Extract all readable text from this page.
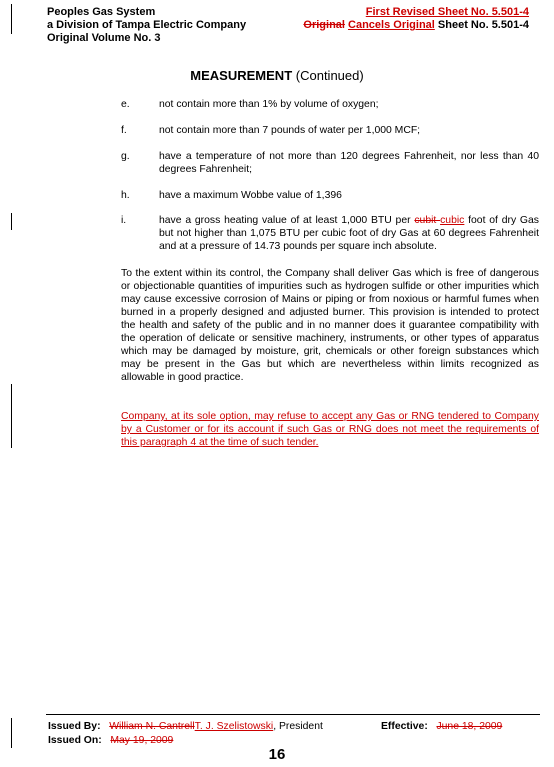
Peoples Gas System
a Division of Tampa Electric Company
Original Volume No. 3
First Revised Sheet No. 5.501-4
Original Cancels Original Sheet No. 5.501-4
MEASUREMENT (Continued)
e.	not contain more than 1% by volume of oxygen;
f.	not contain more than 7 pounds of water per 1,000 MCF;
g.	have a temperature of not more than 120 degrees Fahrenheit, nor less than 40 degrees Fahrenheit;
h.	have a maximum Wobbe value of 1,396
i.	have a gross heating value of at least 1,000 BTU per cubit cubic foot of dry Gas but not higher than 1,075 BTU per cubic foot of dry Gas at 60 degrees Fahrenheit and at a pressure of 14.73 pounds per square inch absolute.
To the extent within its control, the Company shall deliver Gas which is free of dangerous or objectionable quantities of impurities such as hydrogen sulfide or other impurities which may cause excessive corrosion of Mains or piping or from noxious or harmful fumes when burned in a properly designed and adjusted burner. This provision is intended to protect the health and safety of the public and in no manner does it guarantee compatibility with the operation of delicate or sensitive machinery, instruments, or other types of apparatus which may be damaged by moisture, grit, chemicals or other foreign substances which may be present in the Gas but which are nevertheless within limits recognized as allowable in good practice.
Company, at its sole option, may refuse to accept any Gas or RNG tendered to Company by a Customer or for its account if such Gas or RNG does not meet the requirements of this paragraph 4 at the time of such tender.
Issued By: William N. CantrellT. J. Szelistowski, President	Effective: June 18, 2009
Issued On: May 19, 2009
16
